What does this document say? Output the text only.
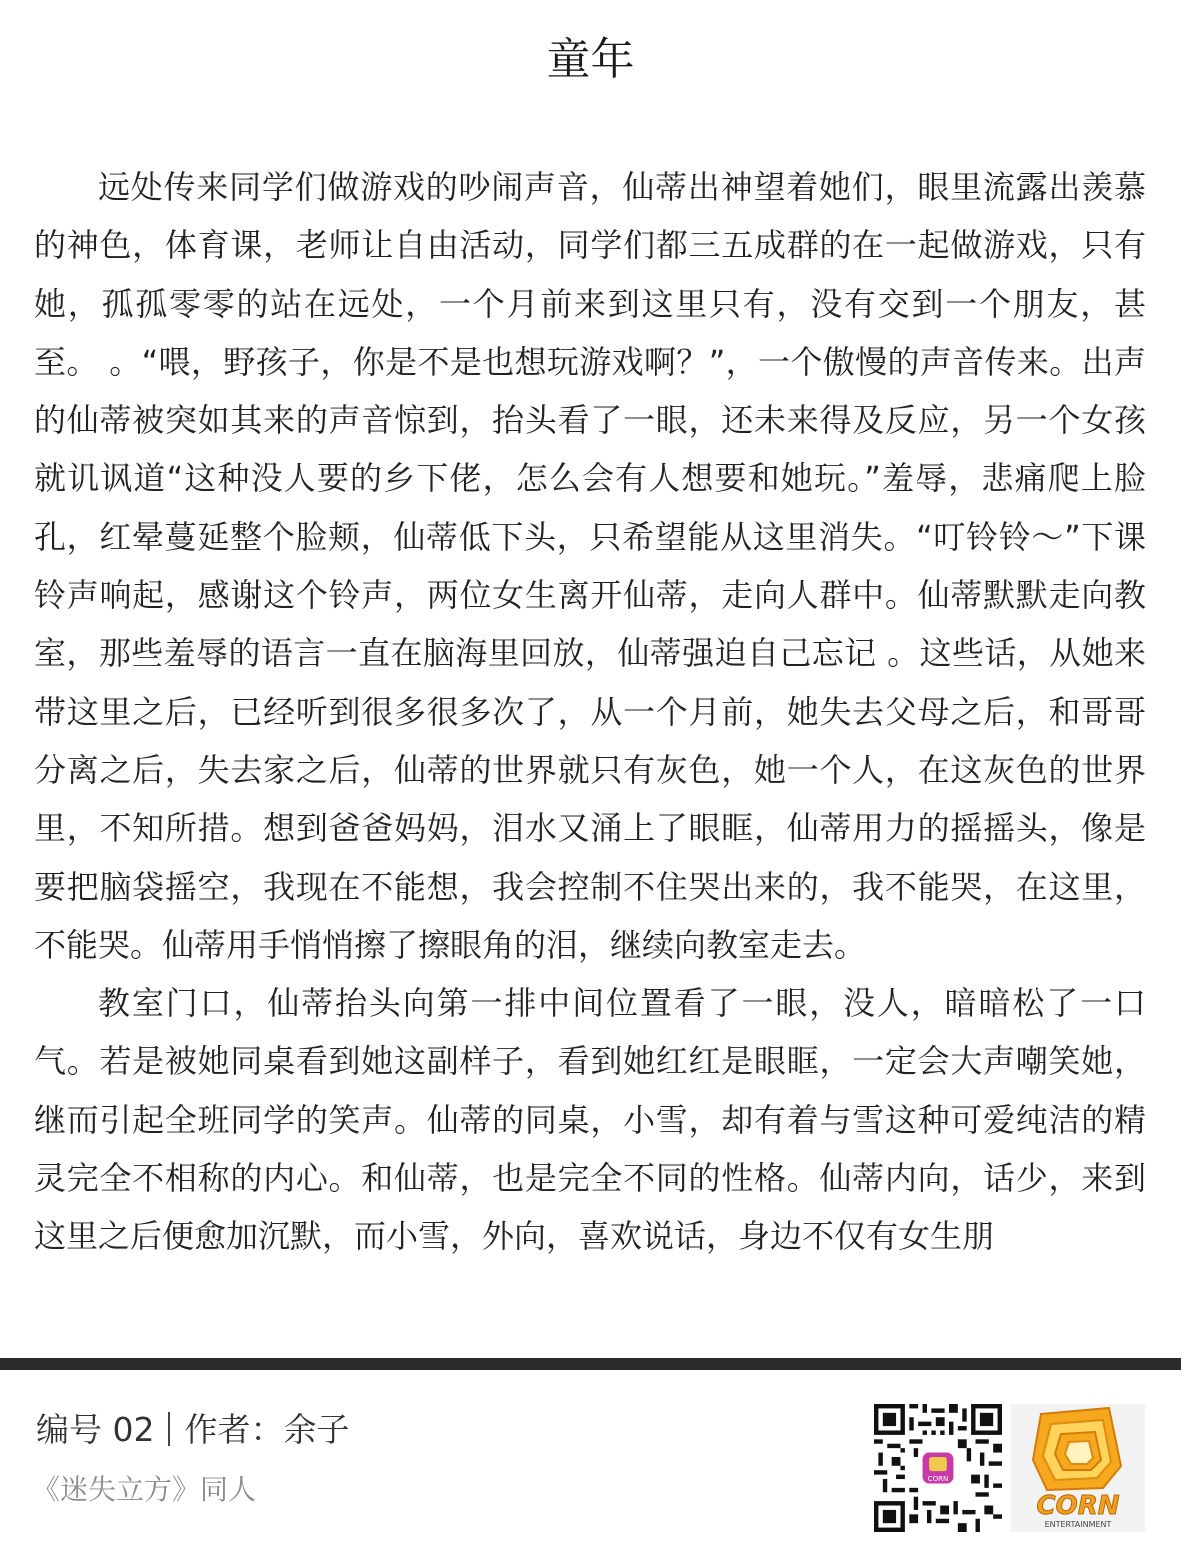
童年

远处传来同学们做游戏的吵闹声音，仙蒂出神望着她们，眼里流露出羡慕的神色，体育课，老师让自由活动，同学们都三五成群的在一起做游戏，只有她，孤孤零零的站在远处，一个月前来到这里只有，没有交到一个朋友，甚至。 。“喂，野孩子，你是不是也想玩游戏啊？”，一个傲慢的声音传来。出声的仙蒂被突如其来的声音惊到，抬头看了一眼，还未来得及反应，另一个女孩就讥讽道“这种没人要的乡下佬，怎么会有人想要和她玩。”羞辱，悲痛爬上脸孔，红晕蔓延整个脸颊，仙蒂低下头，只希望能从这里消失。“叮铃铃～”下课铃声响起，感谢这个铃声，两位女生离开仙蒂，走向人群中。仙蒂默默走向教室，那些羞辱的语言一直在脑海里回放，仙蒂强迫自己忘记 。这些话，从她来带这里之后，已经听到很多很多次了，从一个月前，她失去父母之后，和哥哥分离之后，失去家之后，仙蒂的世界就只有灰色，她一个人，在这灰色的世界里，不知所措。想到爸爸妈妈，泪水又涌上了眼眶，仙蒂用力的摇摇头，像是要把脑袋摇空，我现在不能想，我会控制不住哭出来的，我不能哭，在这里，不能哭。仙蒂用手悄悄擦了擦眼角的泪，继续向教室走去。

教室门口，仙蒂抬头向第一排中间位置看了一眼，没人，暗暗松了一口气。若是被她同桌看到她这副样子，看到她红红是眼眶，一定会大声嘲笑她，继而引起全班同学的笑声。仙蒂的同桌，小雪，却有着与雪这种可爱纯洁的精灵完全不相称的内心。和仙蒂，也是完全不同的性格。仙蒂内向，话少，来到这里之后便愈加沉默，而小雪，外向，喜欢说话，身边不仅有女生朋

编号 02 作者：余子
《迷失立方》同人	CORN
CORN
ENTERTAINMENT
